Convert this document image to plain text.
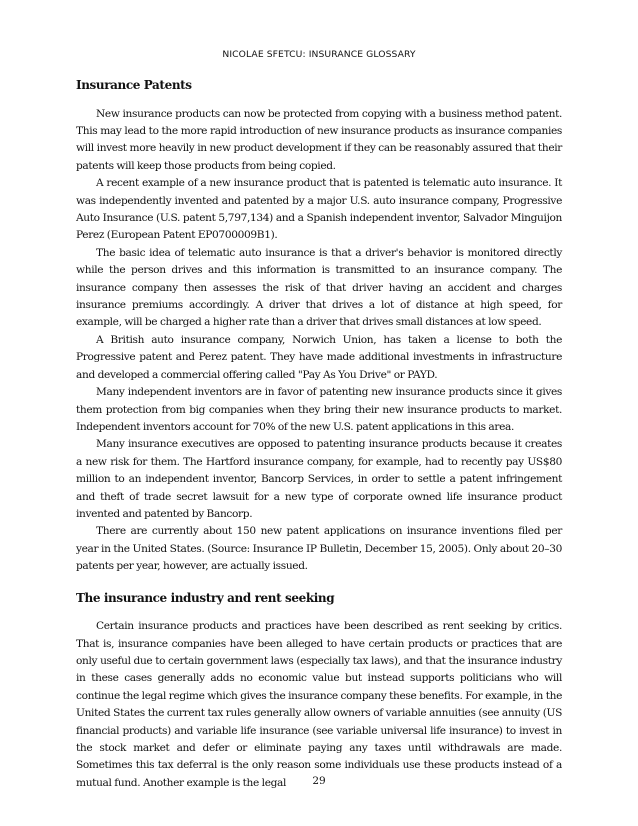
NICOLAE SFETCU: INSURANCE GLOSSARY
Insurance Patents

New insurance products can now be protected from copying with a business method patent. This may lead to the more rapid introduction of new insurance products as insurance companies will invest more heavily in new product development if they can be reasonably assured that their patents will keep those products from being copied.

A recent example of a new insurance product that is patented is telematic auto insurance. It was independently invented and patented by a major U.S. auto insurance company, Progressive Auto Insurance (U.S. patent 5,797,134) and a Spanish independent inventor, Salvador Minguijon Perez (European Patent EP0700009B1).

The basic idea of telematic auto insurance is that a driver's behavior is monitored directly while the person drives and this information is transmitted to an insurance company. The insurance company then assesses the risk of that driver having an accident and charges insurance premiums accordingly. A driver that drives a lot of distance at high speed, for example, will be charged a higher rate than a driver that drives small distances at low speed.

A British auto insurance company, Norwich Union, has taken a license to both the Progressive patent and Perez patent. They have made additional investments in infrastructure and developed a commercial offering called "Pay As You Drive" or PAYD.

Many independent inventors are in favor of patenting new insurance products since it gives them protection from big companies when they bring their new insurance products to market. Independent inventors account for 70% of the new U.S. patent applications in this area.

Many insurance executives are opposed to patenting insurance products because it creates a new risk for them. The Hartford insurance company, for example, had to recently pay US$80 million to an independent inventor, Bancorp Services, in order to settle a patent infringement and theft of trade secret lawsuit for a new type of corporate owned life insurance product invented and patented by Bancorp.

There are currently about 150 new patent applications on insurance inventions filed per year in the United States. (Source: Insurance IP Bulletin, December 15, 2005). Only about 20–30 patents per year, however, are actually issued.

The insurance industry and rent seeking

Certain insurance products and practices have been described as rent seeking by critics. That is, insurance companies have been alleged to have certain products or practices that are only useful due to certain government laws (especially tax laws), and that the insurance industry in these cases generally adds no economic value but instead supports politicians who will continue the legal regime which gives the insurance company these benefits. For example, in the United States the current tax rules generally allow owners of variable annuities (see annuity (US financial products) and variable life insurance (see variable universal life insurance) to invest in the stock market and defer or eliminate paying any taxes until withdrawals are made. Sometimes this tax deferral is the only reason some individuals use these products instead of a mutual fund. Another example is the legal	29
